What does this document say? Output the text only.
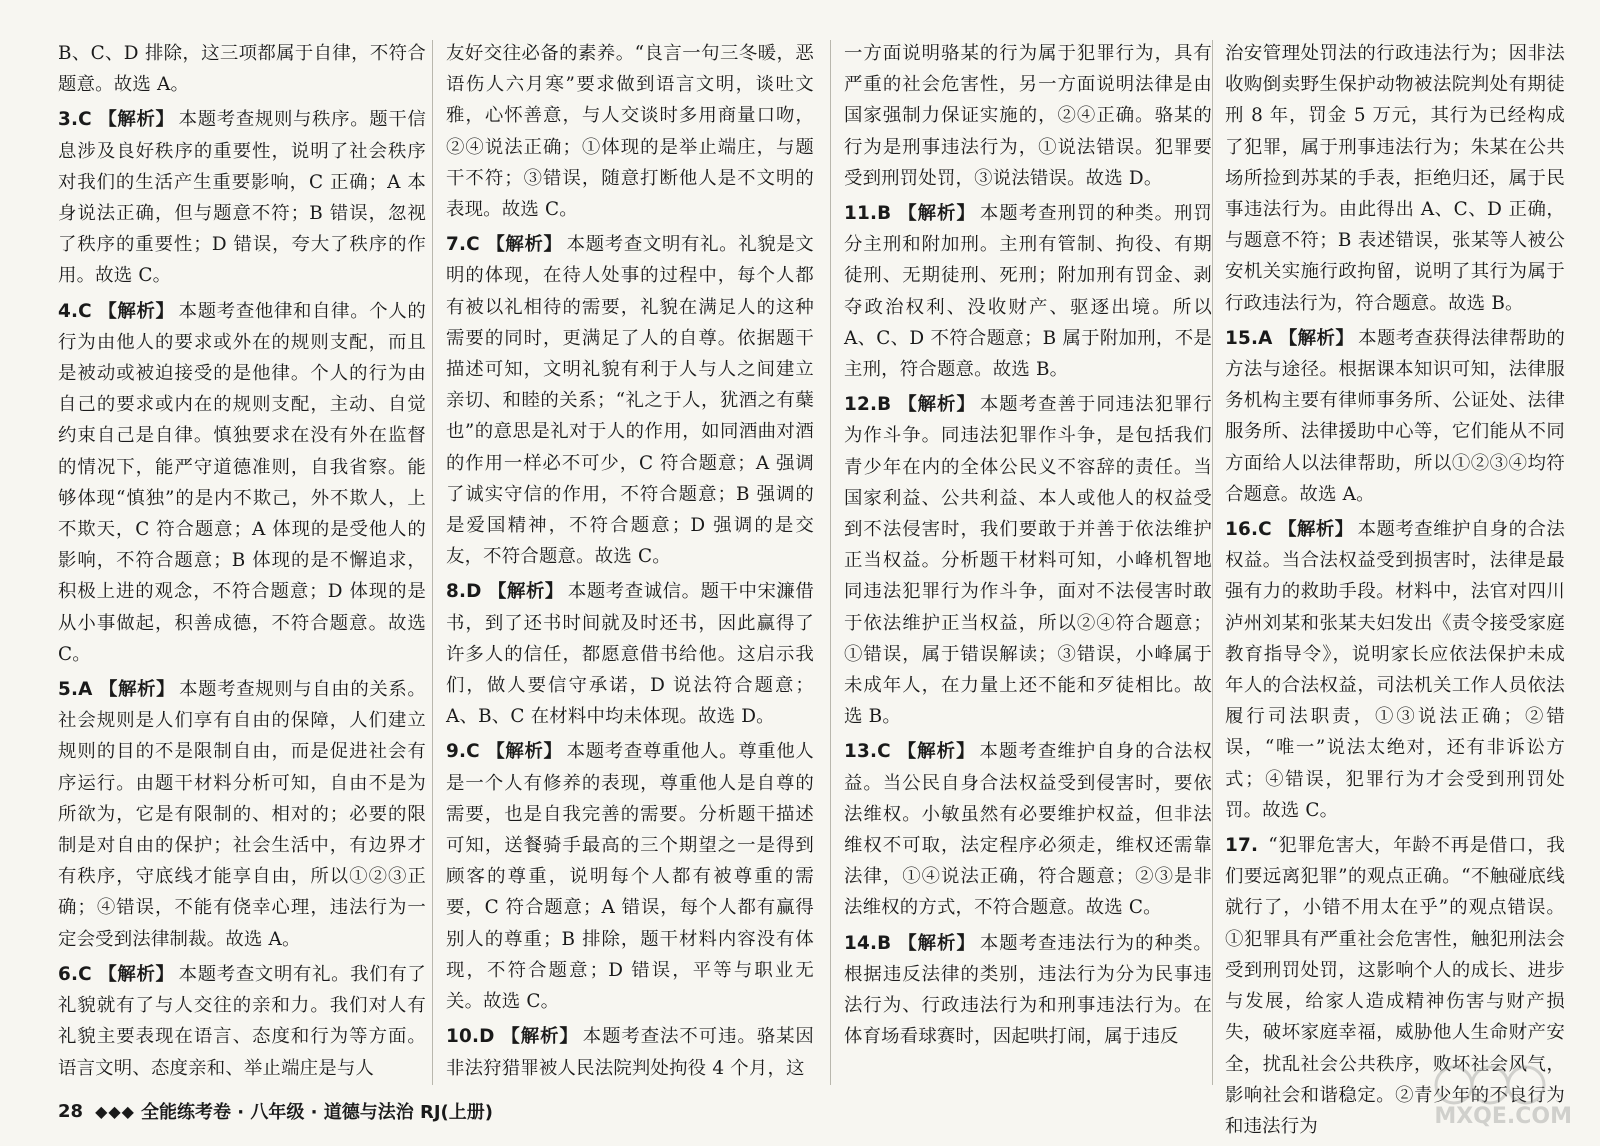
B、C、D 排除，这三项都属于自律，不符合题意。故选 A。

3.C 【解析】 本题考查规则与秩序。题干信息涉及良好秩序的重要性，说明了社会秩序对我们的生活产生重要影响，C 正确；A 本身说法正确，但与题意不符；B 错误，忽视了秩序的重要性；D 错误，夸大了秩序的作用。故选 C。
4.C 【解析】 本题考查他律和自律。个人的行为由他人的要求或外在的规则支配，而且是被动或被迫接受的是他律。个人的行为由自己的要求或内在的规则支配，主动、自觉约束自己是自律。慎独要求在没有外在监督的情况下，能严守道德准则，自我省察。能够体现“慎独”的是内不欺己，外不欺人，上不欺天，C 符合题意；A 体现的是受他人的影响，不符合题意；B 体现的是不懈追求，积极上进的观念，不符合题意；D 体现的是从小事做起，积善成德，不符合题意。故选 C。
5.A 【解析】 本题考查规则与自由的关系。社会规则是人们享有自由的保障，人们建立规则的目的不是限制自由，而是促进社会有序运行。由题干材料分析可知，自由不是为所欲为，它是有限制的、相对的；必要的限制是对自由的保护；社会生活中，有边界才有秩序，守底线才能享自由，所以①②③正确；④错误，不能有侥幸心理，违法行为一定会受到法律制裁。故选 A。
6.C 【解析】 本题考查文明有礼。我们有了礼貌就有了与人交往的亲和力。我们对人有礼貌主要表现在语言、态度和行为等方面。语言文明、态度亲和、举止端庄是与人

友好交往必备的素养。“良言一句三冬暖，恶语伤人六月寒”要求做到语言文明，谈吐文雅，心怀善意，与人交谈时多用商量口吻，②④说法正确；①体现的是举止端庄，与题干不符；③错误，随意打断他人是不文明的表现。故选 C。

7.C 【解析】 本题考查文明有礼。礼貌是文明的体现，在待人处事的过程中，每个人都有被以礼相待的需要，礼貌在满足人的这种需要的同时，更满足了人的自尊。依据题干描述可知，文明礼貌有利于人与人之间建立亲切、和睦的关系；“礼之于人，犹酒之有蘖也”的意思是礼对于人的作用，如同酒曲对酒的作用一样必不可少，C 符合题意；A 强调了诚实守信的作用，不符合题意；B 强调的是爱国精神，不符合题意；D 强调的是交友，不符合题意。故选 C。
8.D 【解析】 本题考查诚信。题干中宋濂借书，到了还书时间就及时还书，因此赢得了许多人的信任，都愿意借书给他。这启示我们，做人要信守承诺，D 说法符合题意；A、B、C 在材料中均未体现。故选 D。
9.C 【解析】 本题考查尊重他人。尊重他人是一个人有修养的表现，尊重他人是自尊的需要，也是自我完善的需要。分析题干描述可知，送餐骑手最高的三个期望之一是得到顾客的尊重，说明每个人都有被尊重的需要，C 符合题意；A 错误，每个人都有赢得别人的尊重；B 排除，题干材料内容没有体现，不符合题意；D 错误，平等与职业无关。故选 C。
10.D 【解析】 本题考查法不可违。骆某因非法狩猎罪被人民法院判处拘役 4 个月，这

一方面说明骆某的行为属于犯罪行为，具有严重的社会危害性，另一方面说明法律是由国家强制力保证实施的，②④正确。骆某的行为是刑事违法行为，①说法错误。犯罪要受到刑罚处罚，③说法错误。故选 D。

11.B 【解析】 本题考查刑罚的种类。刑罚分主刑和附加刑。主刑有管制、拘役、有期徒刑、无期徒刑、死刑；附加刑有罚金、剥夺政治权利、没收财产、驱逐出境。所以 A、C、D 不符合题意；B 属于附加刑，不是主刑，符合题意。故选 B。
12.B 【解析】 本题考查善于同违法犯罪行为作斗争。同违法犯罪作斗争，是包括我们青少年在内的全体公民义不容辞的责任。当国家利益、公共利益、本人或他人的权益受到不法侵害时，我们要敢于并善于依法维护正当权益。分析题干材料可知，小峰机智地同违法犯罪行为作斗争，面对不法侵害时敢于依法维护正当权益，所以②④符合题意；①错误，属于错误解读；③错误，小峰属于未成年人，在力量上还不能和歹徒相比。故选 B。
13.C 【解析】 本题考查维护自身的合法权益。当公民自身合法权益受到侵害时，要依法维权。小敏虽然有必要维护权益，但非法维权不可取，法定程序必须走，维权还需靠法律，①④说法正确，符合题意；②③是非法维权的方式，不符合题意。故选 C。
14.B 【解析】 本题考查违法行为的种类。根据违反法律的类别，违法行为分为民事违法行为、行政违法行为和刑事违法行为。在体育场看球赛时，因起哄打闹，属于违反

治安管理处罚法的行政违法行为；因非法收购倒卖野生保护动物被法院判处有期徒刑 8 年，罚金 5 万元，其行为已经构成了犯罪，属于刑事违法行为；朱某在公共场所捡到苏某的手表，拒绝归还，属于民事违法行为。由此得出 A、C、D 正确，与题意不符；B 表述错误，张某等人被公安机关实施行政拘留，说明了其行为属于行政违法行为，符合题意。故选 B。

15.A 【解析】 本题考查获得法律帮助的方法与途径。根据课本知识可知，法律服务机构主要有律师事务所、公证处、法律服务所、法律援助中心等，它们能从不同方面给人以法律帮助，所以①②③④均符合题意。故选 A。
16.C 【解析】 本题考查维护自身的合法权益。当合法权益受到损害时，法律是最强有力的救助手段。材料中，法官对四川泸州刘某和张某夫妇发出《责令接受家庭教育指导令》，说明家长应依法保护未成年人的合法权益，司法机关工作人员依法履行司法职责，①③说法正确；②错误，“唯一”说法太绝对，还有非诉讼方式；④错误，犯罪行为才会受到刑罚处罚。故选 C。
17. “犯罪危害大，年龄不再是借口，我们要远离犯罪”的观点正确。“不触碰底线就行了，小错不用太在乎”的观点错误。①犯罪具有严重社会危害性，触犯刑法会受到刑罚处罚，这影响个人的成长、进步与发展，给家人造成精神伤害与财产损失，破坏家庭幸福，威胁他人生命财产安全，扰乱社会公共秩序，败坏社会风气，影响社会和谐稳定。②青少年的不良行为和违法行为
28 ◆◆◆ 全能练考卷 · 八年级 · 道德与法治 RJ(上册)	MXQE.COM
